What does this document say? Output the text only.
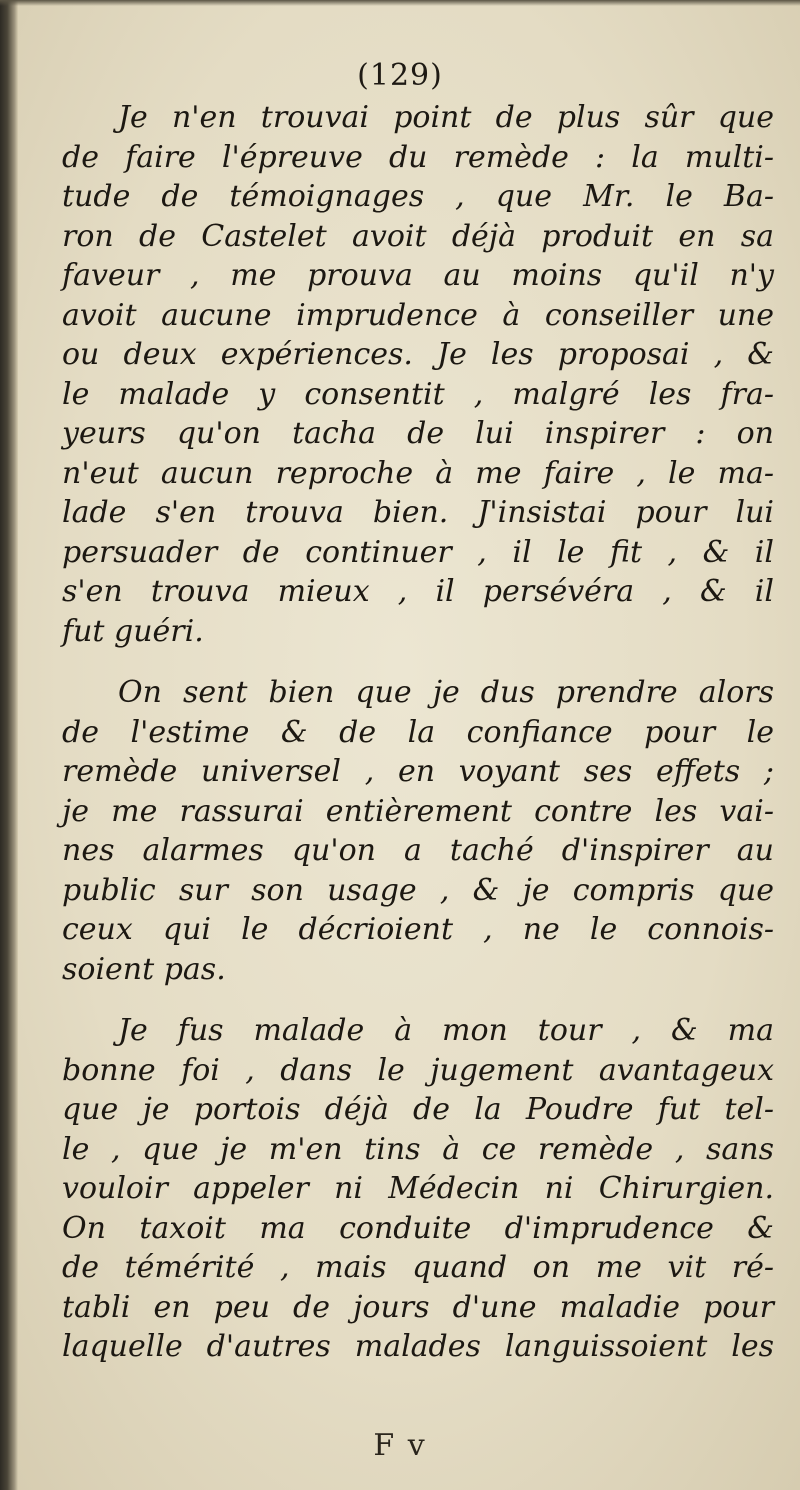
(129)

Je n'en trouvai point de plus sûr que
de faire l'épreuve du remède : la multi-
tude de témoignages , que Mr. le Ba-
ron de Castelet avoit déjà produit en sa
faveur , me prouva au moins qu'il n'y
avoit aucune imprudence à conseiller une
ou deux expériences. Je les proposai , &
le malade y consentit , malgré les fra-
yeurs qu'on tacha de lui inspirer : on
n'eut aucun reproche à me faire , le ma-
lade s'en trouva bien. J'insistai pour lui
persuader de continuer , il le fit , & il
s'en trouva mieux , il persévéra , & il
fut guéri.

On sent bien que je dus prendre alors
de l'estime & de la confiance pour le
remède universel , en voyant ses effets ;
je me rassurai entièrement contre les vai-
nes alarmes qu'on a taché d'inspirer au
public sur son usage , & je compris que
ceux qui le décrioient , ne le connois-
soient pas.

Je fus malade à mon tour , & ma
bonne foi , dans le jugement avantageux
que je portois déjà de la Poudre fut tel-
le , que je m'en tins à ce remède , sans
vouloir appeler ni Médecin ni Chirurgien.
On taxoit ma conduite d'imprudence &
de témérité , mais quand on me vit ré-
tabli en peu de jours d'une maladie pour
laquelle d'autres malades languissoient les

F v
